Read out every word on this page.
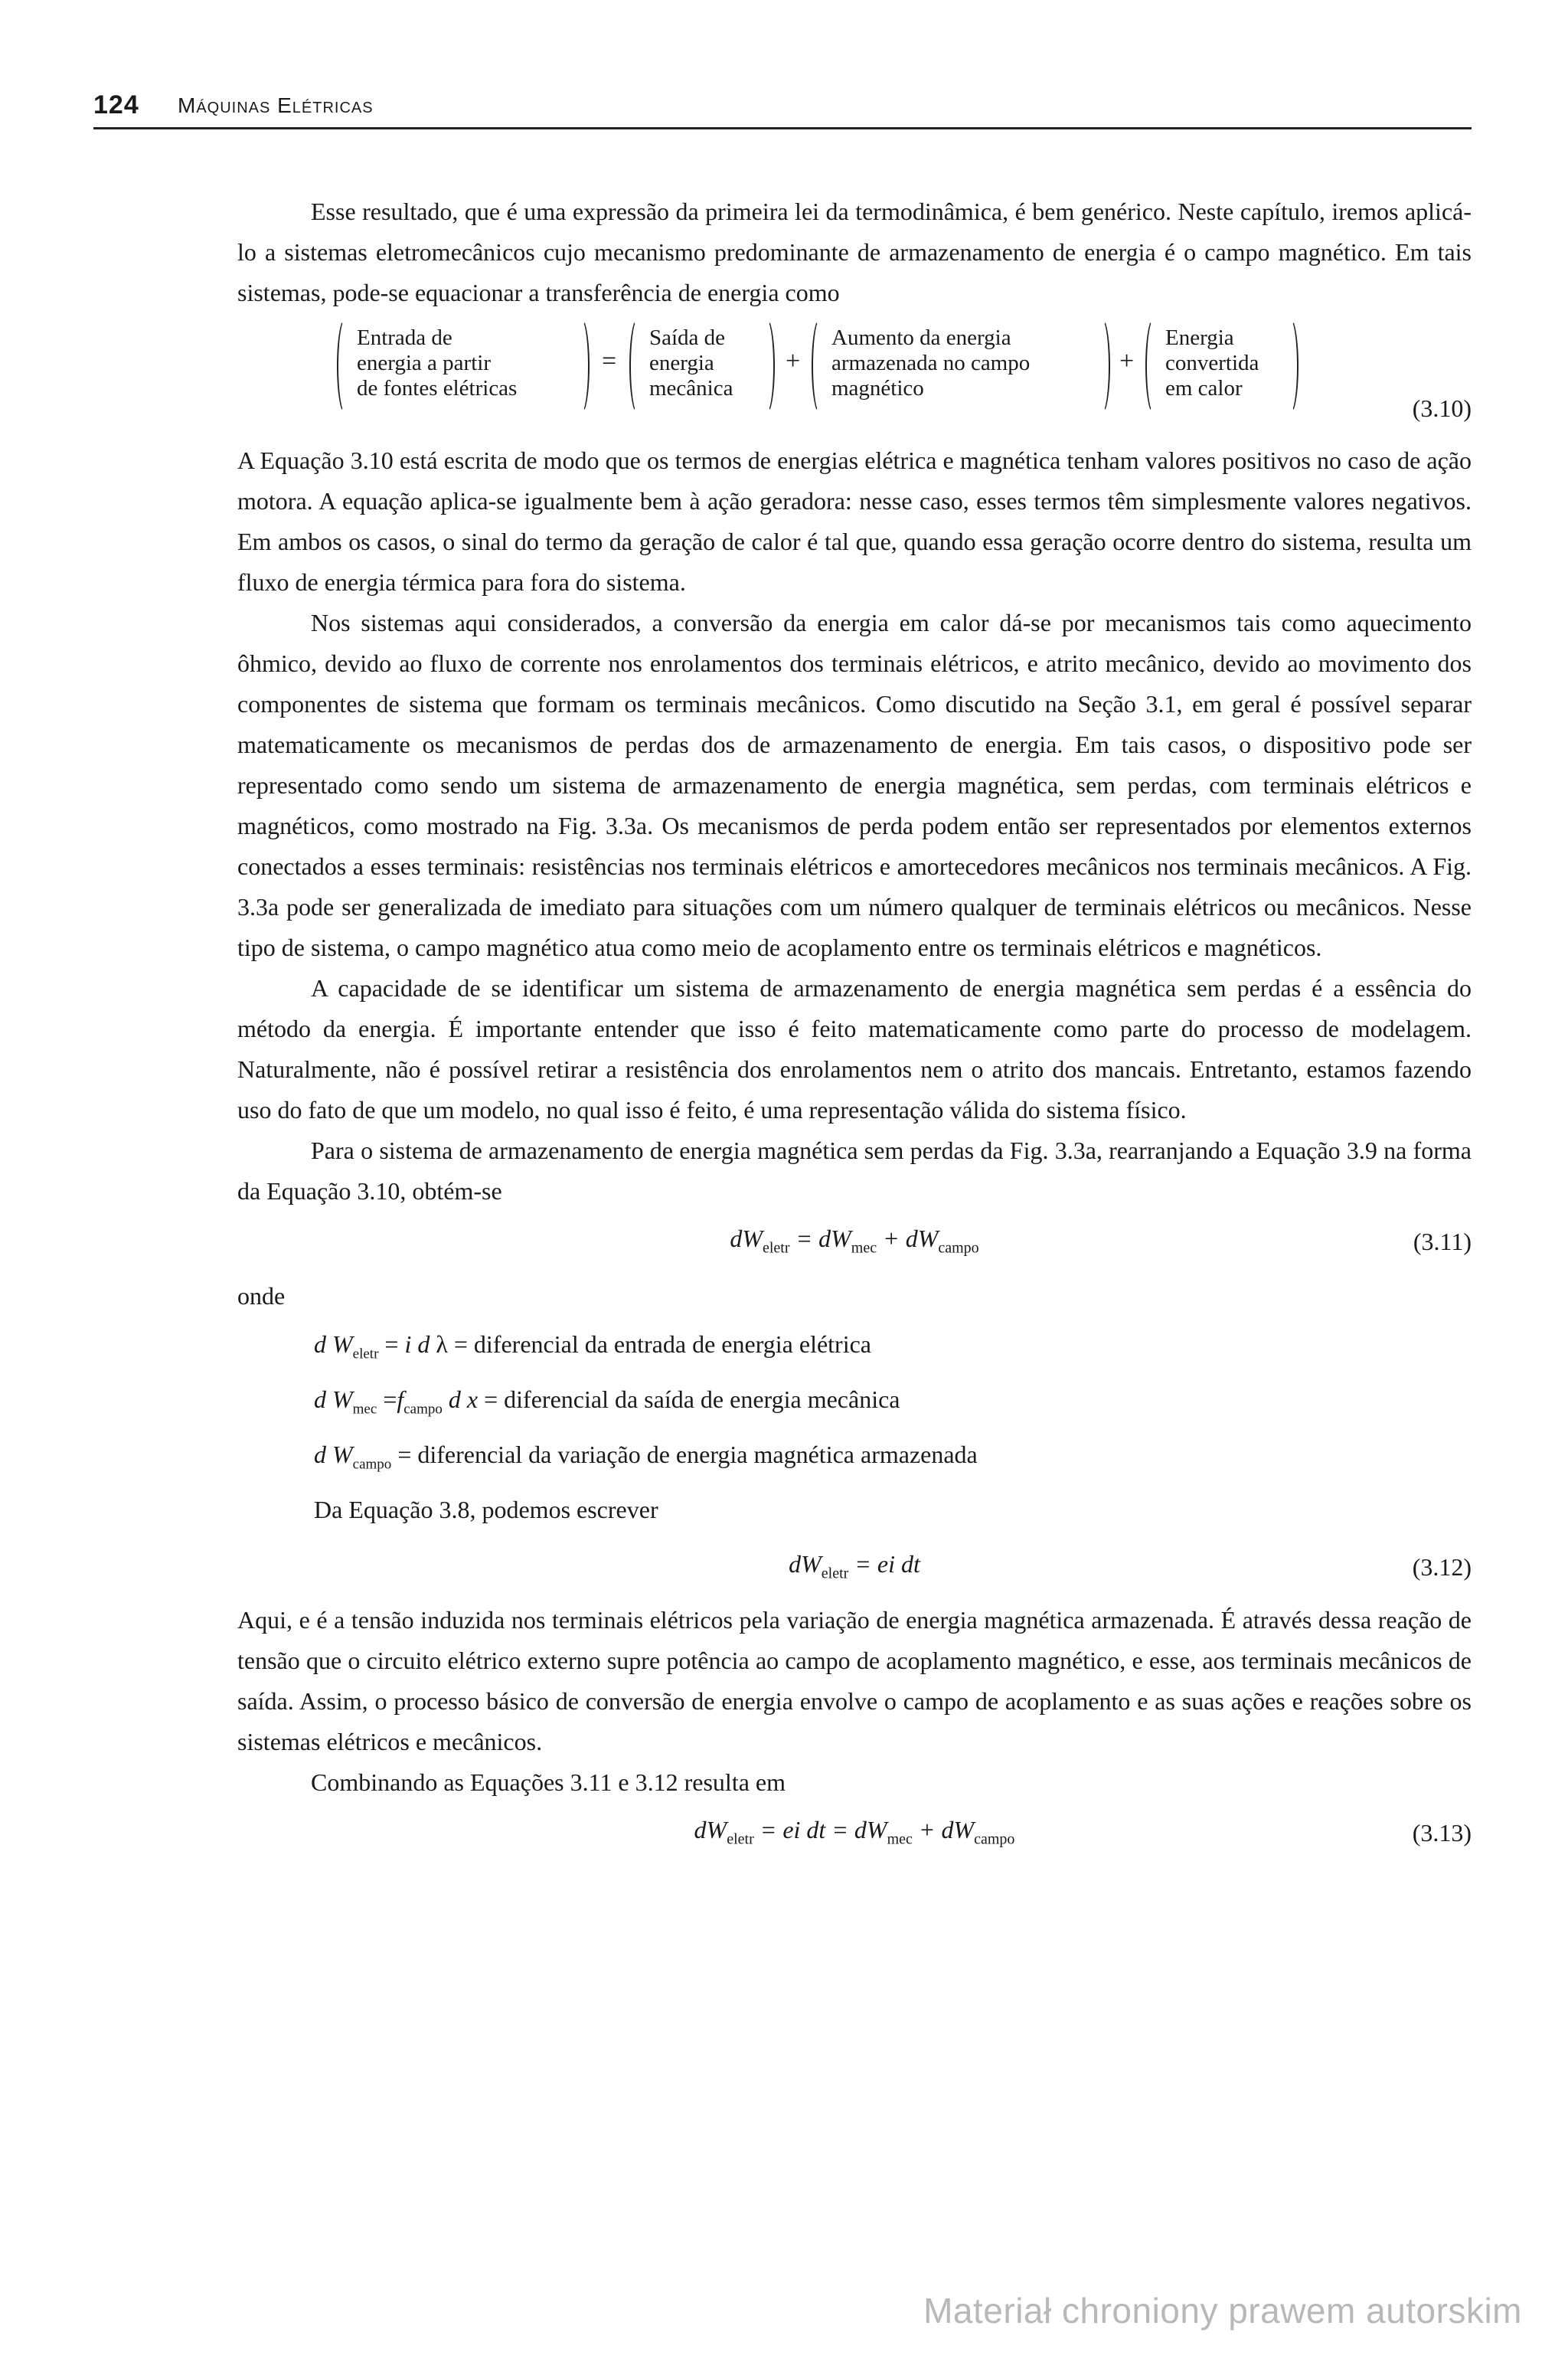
124 Máquinas Elétricas

Esse resultado, que é uma expressão da primeira lei da termodinâmica, é bem genérico. Neste capítulo, iremos aplicá-lo a sistemas eletromecânicos cujo mecanismo predominante de armazenamento de energia é o campo magnético. Em tais sistemas, pode-se equacionar a transferência de energia como

Entrada de
energia a partir
de fontes elétricas
=
Saída de
energia
mecânica
+
Aumento da energia
armazenada no campo
magnético
+
Energia
convertida
em calor
(3.10)

A Equação 3.10 está escrita de modo que os termos de energias elétrica e magnética tenham valores positivos no caso de ação motora. A equação aplica-se igualmente bem à ação geradora: nesse caso, esses termos têm simplesmente valores negativos. Em ambos os casos, o sinal do termo da geração de calor é tal que, quando essa geração ocorre dentro do sistema, resulta um fluxo de energia térmica para fora do sistema.

Nos sistemas aqui considerados, a conversão da energia em calor dá-se por mecanismos tais como aquecimento ôhmico, devido ao fluxo de corrente nos enrolamentos dos terminais elétricos, e atrito mecânico, devido ao movimento dos componentes de sistema que formam os terminais mecânicos. Como discutido na Seção 3.1, em geral é possível separar matematicamente os mecanismos de perdas dos de armazenamento de energia. Em tais casos, o dispositivo pode ser representado como sendo um sistema de armazenamento de energia magnética, sem perdas, com terminais elétricos e magnéticos, como mostrado na Fig. 3.3a. Os mecanismos de perda podem então ser representados por elementos externos conectados a esses terminais: resistências nos terminais elétricos e amortecedores mecânicos nos terminais mecânicos. A Fig. 3.3a pode ser generalizada de imediato para situações com um número qualquer de terminais elétricos ou mecânicos. Nesse tipo de sistema, o campo magnético atua como meio de acoplamento entre os terminais elétricos e magnéticos.

A capacidade de se identificar um sistema de armazenamento de energia magnética sem perdas é a essência do método da energia. É importante entender que isso é feito matematicamente como parte do processo de modelagem. Naturalmente, não é possível retirar a resistência dos enrolamentos nem o atrito dos mancais. Entretanto, estamos fazendo uso do fato de que um modelo, no qual isso é feito, é uma representação válida do sistema físico.

Para o sistema de armazenamento de energia magnética sem perdas da Fig. 3.3a, rearranjando a Equação 3.9 na forma da Equação 3.10, obtém-se

$dW_{eletr} = dW_{mec} + dW_{campo}$	(3.11)

onde

d $W_{eletr} = i$ d λ = diferencial da entrada de energia elétrica
d $W_{mec} =f_{campo}$ d x = diferencial da saída de energia mecânica
d $W_{campo}$ = diferencial da variação de energia magnética armazenada
Da Equação 3.8, podemos escrever
$dW_{eletr}$ = ei dt	(3.12)

Aqui, e é a tensão induzida nos terminais elétricos pela variação de energia magnética armazenada. É através dessa reação de tensão que o circuito elétrico externo supre potência ao campo de acoplamento magnético, e esse, aos terminais mecânicos de saída. Assim, o processo básico de conversão de energia envolve o campo de acoplamento e as suas ações e reações sobre os sistemas elétricos e mecânicos.

Combinando as Equações 3.11 e 3.12 resulta em

$dW_{eletr}$ = ei dt = $dW_{mec} + dW_{campo}$	(3.13)
Materiał chroniony prawem autorskim
